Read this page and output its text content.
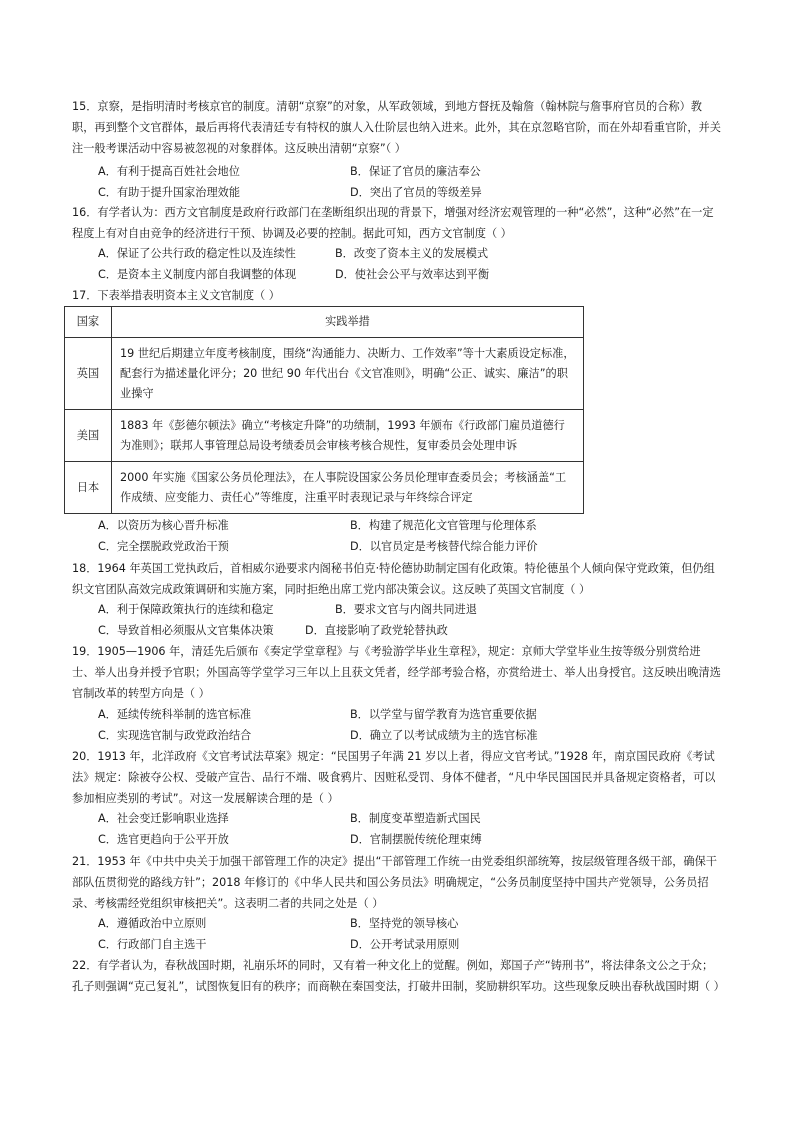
15．京察，是指明清时考核京官的制度。清朝“京察”的对象，从军政领域，到地方督抚及翰詹（翰林院与詹事府官员的合称）教职，再到整个文官群体，最后再将代表清廷专有特权的旗人入仕阶层也纳入进来。此外，其在京忽略官阶，而在外却看重官阶，并关注一般考课活动中容易被忽视的对象群体。这反映出清朝“京察”（ ）

A．有利于提高百姓社会地位	B．保证了官员的廉洁奉公
C．有助于提升国家治理效能	D．突出了官员的等级差异

16．有学者认为：西方文官制度是政府行政部门在垄断组织出现的背景下，增强对经济宏观管理的一种“必然”，这种“必然”在一定程度上有对自由竞争的经济进行干预、协调及必要的控制。据此可知，西方文官制度（ ）

A．保证了公共行政的稳定性以及连续性	B．改变了资本主义的发展模式
C．是资本主义制度内部自我调整的体现	D．使社会公平与效率达到平衡

17．下表举措表明资本主义文官制度（ ）

国家	实践举措
英国	19 世纪后期建立年度考核制度，围绕“沟通能力、决断力、工作效率”等十大素质设定标准，配套行为描述量化评分；20 世纪 90 年代出台《文官准则》，明确“公正、诚实、廉洁”的职业操守
美国	1883 年《彭德尔顿法》确立“考核定升降”的功绩制，1993 年颁布《行政部门雇员道德行为准则》；联邦人事管理总局设考绩委员会审核考核合规性，复审委员会处理申诉
日本	2000 年实施《国家公务员伦理法》，在人事院设国家公务员伦理审查委员会；考核涵盖“工作成绩、应变能力、责任心”等维度，注重平时表现记录与年终综合评定
A．以资历为核心晋升标准	B．构建了规范化文官管理与伦理体系
C．完全摆脱政党政治干预	D．以官员定是考核替代综合能力评价

18．1964 年英国工党执政后，首相威尔逊要求内阁秘书伯克·特伦德协助制定国有化政策。特伦德虽个人倾向保守党政策，但仍组织文官团队高效完成政策调研和实施方案，同时拒绝出席工党内部决策会议。这反映了英国文官制度（ ）

A．利于保障政策执行的连续和稳定	B．要求文官与内阁共同进退
C．导致首相必须服从文官集体决策	D．直接影响了政党轮替执政

19．1905—1906 年，清廷先后颁布《奏定学堂章程》与《考验游学毕业生章程》，规定：京师大学堂毕业生按等级分别赏给进士、举人出身并授予官职；外国高等学堂学习三年以上且获文凭者，经学部考验合格，亦赏给进士、举人出身授官。这反映出晚清选官制改革的转型方向是（ ）

A．延续传统科举制的选官标准	B．以学堂与留学教育为选官重要依据
C．实现选官制与政党政治结合	D．确立了以考试成绩为主的选官标准

20．1913 年，北洋政府《文官考试法草案》规定：“民国男子年满 21 岁以上者，得应文官考试。”1928 年，南京国民政府《考试法》规定：除被夺公权、受破产宣告、品行不端、吸食鸦片、因赃私受罚、身体不健者，“凡中华民国国民并具备规定资格者，可以参加相应类别的考试”。对这一发展解读合理的是（ ）

A．社会变迁影响职业选择	B．制度变革塑造新式国民
C．选官更趋向于公平开放	D．官制摆脱传统伦理束缚

21．1953 年《中共中央关于加强干部管理工作的决定》提出“干部管理工作统一由党委组织部统筹，按层级管理各级干部，确保干部队伍贯彻党的路线方针”；2018 年修订的《中华人民共和国公务员法》明确规定，“公务员制度坚持中国共产党领导，公务员招录、考核需经党组织审核把关”。这表明二者的共同之处是（ ）

A．遵循政治中立原则	B．坚持党的领导核心
C．行政部门自主选干	D．公开考试录用原则

22．有学者认为，春秋战国时期，礼崩乐坏的同时，又有着一种文化上的觉醒。例如，郑国子产“铸刑书”，将法律条文公之于众；孔子则强调“克己复礼”，试图恢复旧有的秩序；而商鞅在秦国变法，打破井田制，奖励耕织军功。这些现象反映出春秋战国时期（ ）
